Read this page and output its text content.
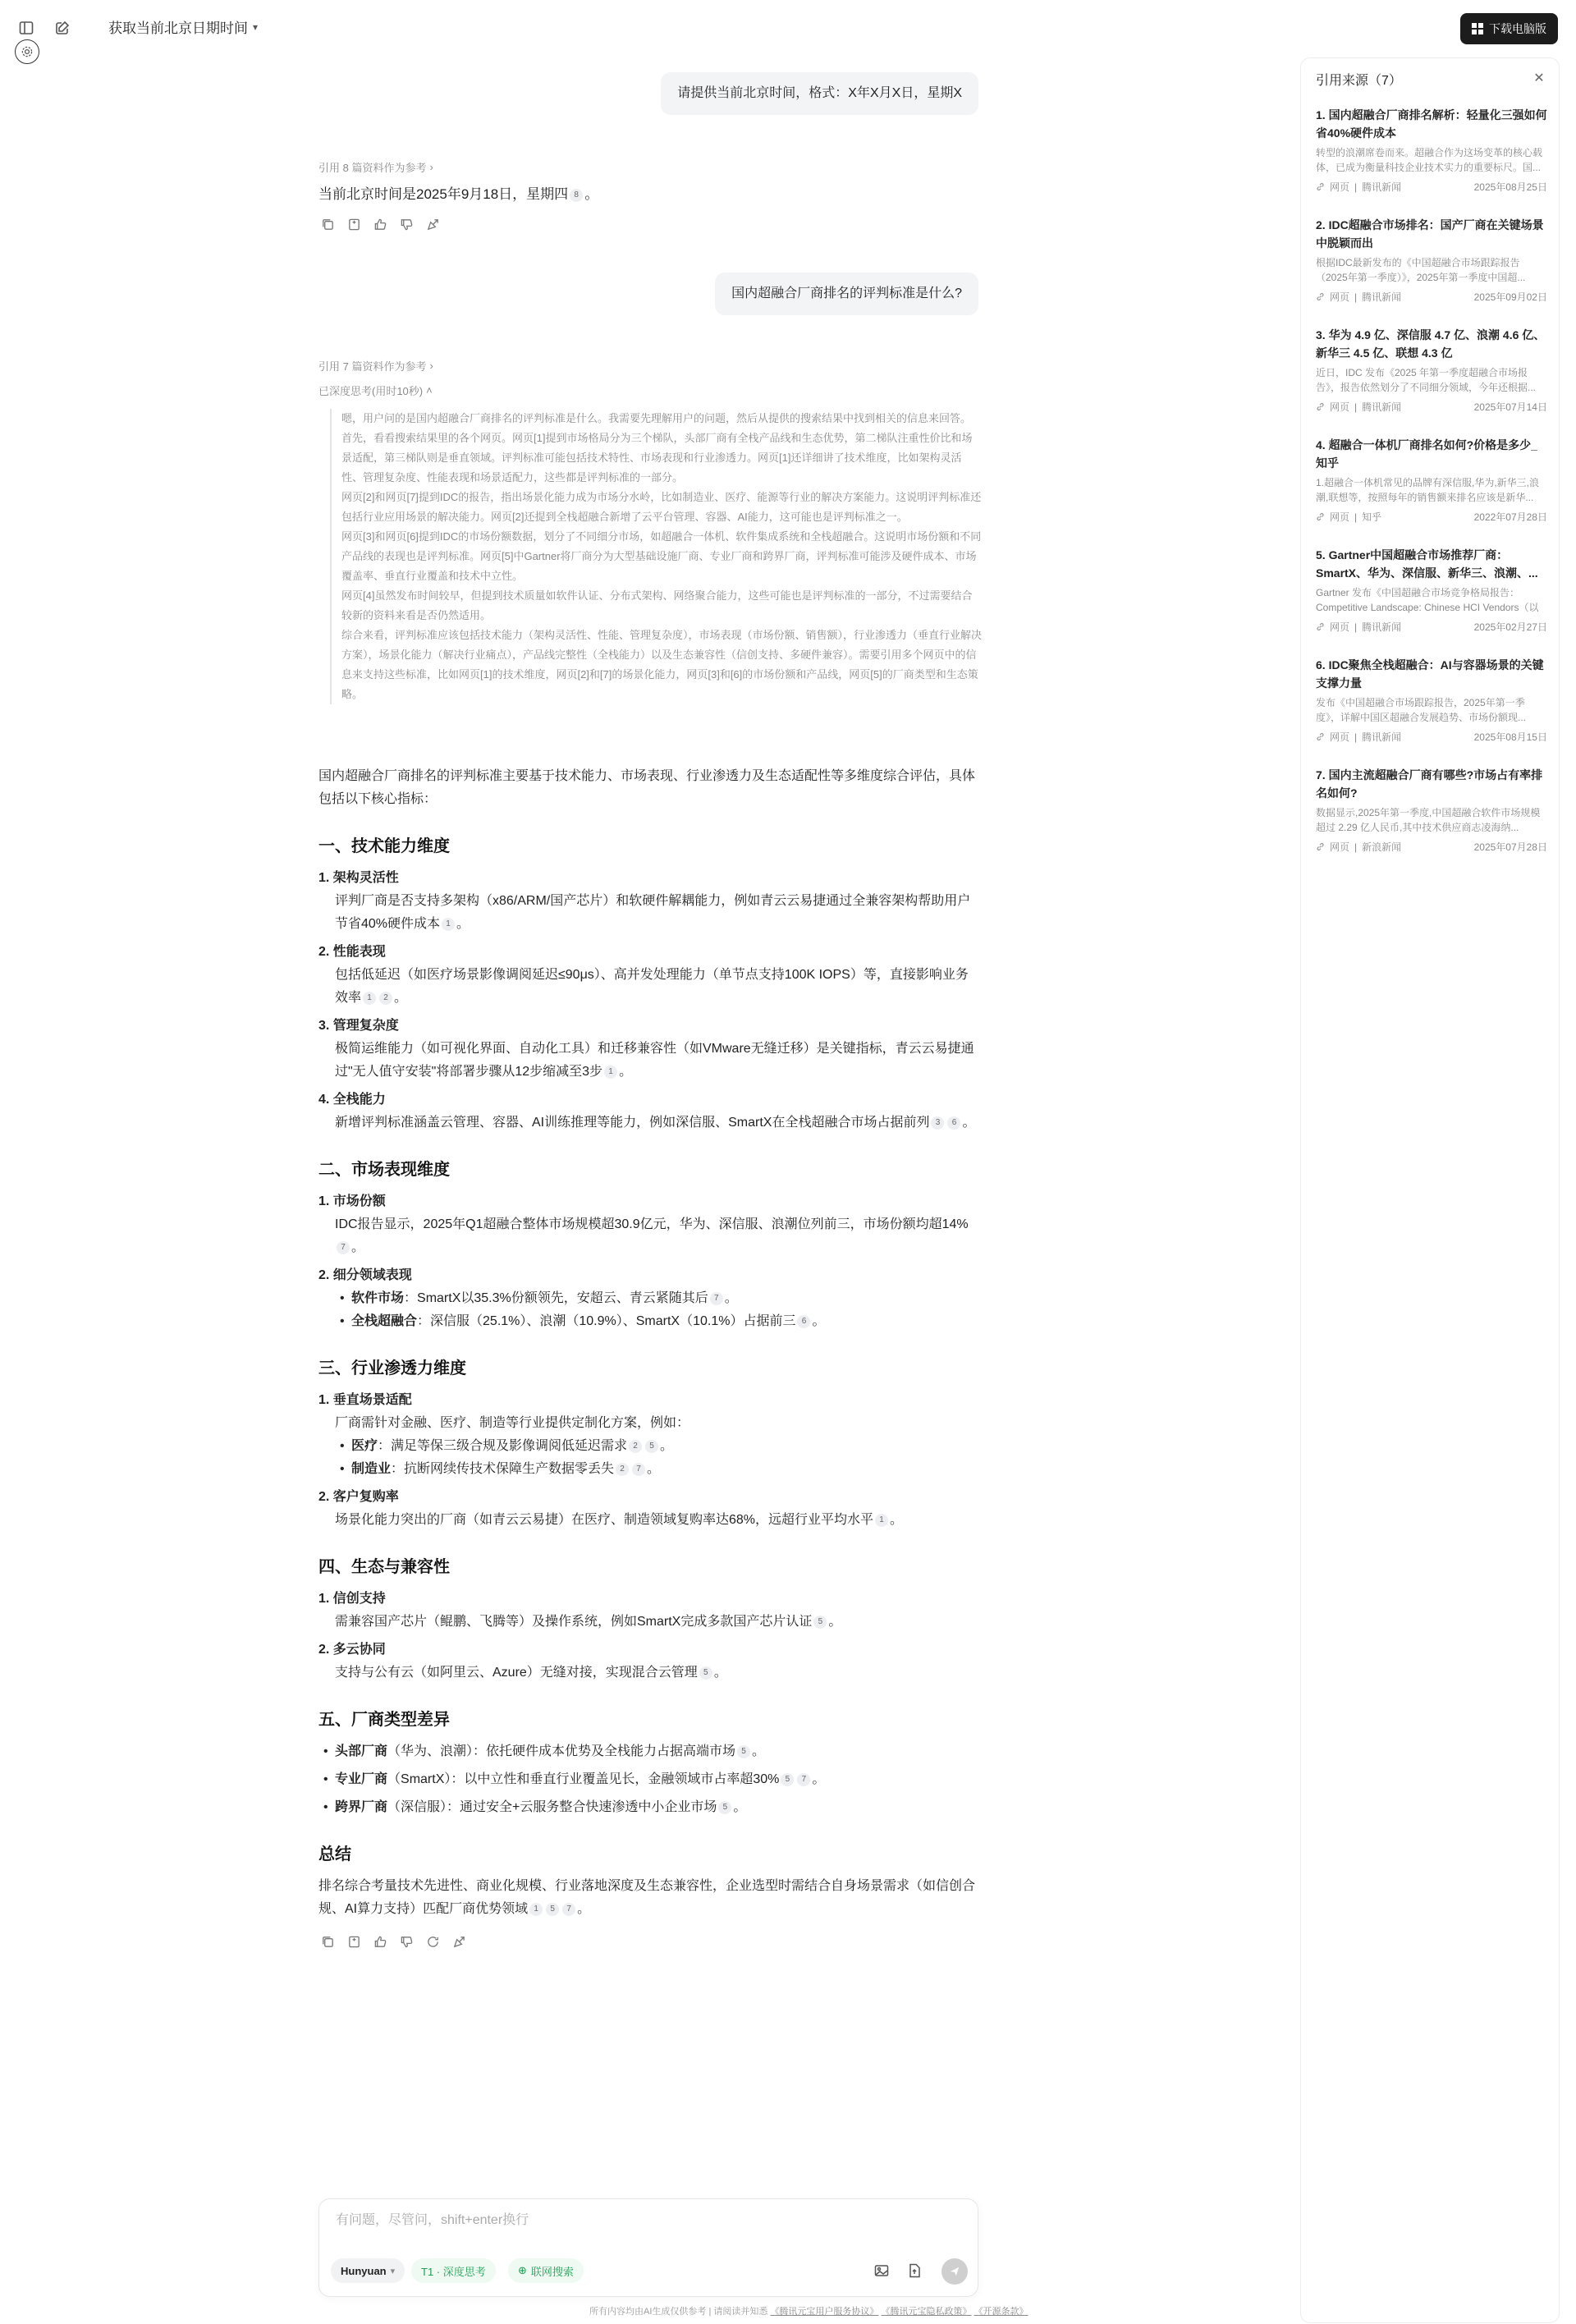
获取当前北京日期时间 ▾	下载电脑版
请提供当前北京时间，格式：X年X月X日，星期X
引用 8 篇资料作为参考 ›
当前北京时间是2025年9月18日，星期四 8 。
国内超融合厂商排名的评判标准是什么?
引用 7 篇资料作为参考 ›
已深度思考(用时10秒) ˄

嗯，用户问的是国内超融合厂商排名的评判标准是什么。我需要先理解用户的问题，然后从提供的搜索结果中找到相关的信息来回答。

首先，看看搜索结果里的各个网页。网页[1]提到市场格局分为三个梯队，头部厂商有全栈产品线和生态优势，第二梯队注重性价比和场景适配，第三梯队则是垂直领域。评判标准可能包括技术特性、市场表现和行业渗透力。网页[1]还详细讲了技术维度，比如架构灵活性、管理复杂度、性能表现和场景适配力，这些都是评判标准的一部分。

网页[2]和网页[7]提到IDC的报告，指出场景化能力成为市场分水岭，比如制造业、医疗、能源等行业的解决方案能力。这说明评判标准还包括行业应用场景的解决能力。网页[2]还提到全栈超融合新增了云平台管理、容器、AI能力，这可能也是评判标准之一。

网页[3]和网页[6]提到IDC的市场份额数据，划分了不同细分市场，如超融合一体机、软件集成系统和全栈超融合。这说明市场份额和不同产品线的表现也是评判标准。网页[5]中Gartner将厂商分为大型基础设施厂商、专业厂商和跨界厂商，评判标准可能涉及硬件成本、市场覆盖率、垂直行业覆盖和技术中立性。

网页[4]虽然发布时间较早，但提到技术质量如软件认证、分布式架构、网络聚合能力，这些可能也是评判标准的一部分，不过需要结合较新的资料来看是否仍然适用。

综合来看，评判标准应该包括技术能力（架构灵活性、性能、管理复杂度），市场表现（市场份额、销售额），行业渗透力（垂直行业解决方案），场景化能力（解决行业痛点），产品线完整性（全栈能力）以及生态兼容性（信创支持、多硬件兼容）。需要引用多个网页中的信息来支持这些标准，比如网页[1]的技术维度，网页[2]和[7]的场景化能力，网页[3]和[6]的市场份额和产品线，网页[5]的厂商类型和生态策略。

国内超融合厂商排名的评判标准主要基于技术能力、市场表现、行业渗透力及生态适配性等多维度综合评估，具体包括以下核心指标：

一、技术能力维度
1. 架构灵活性
评判厂商是否支持多架构（x86/ARM/国产芯片）和软硬件解耦能力，例如青云云易捷通过全兼容架构帮助用户节省40%硬件成本 1 。
2. 性能表现
包括低延迟（如医疗场景影像调阅延迟≤90μs）、高并发处理能力（单节点支持100K IOPS）等，直接影响业务效率 1 2 。
3. 管理复杂度
极简运维能力（如可视化界面、自动化工具）和迁移兼容性（如VMware无缝迁移）是关键指标，青云云易捷通过"无人值守安装"将部署步骤从12步缩减至3步 1 。
4. 全栈能力
新增评判标准涵盖云管理、容器、AI训练推理等能力，例如深信服、SmartX在全栈超融合市场占据前列 3 6 。
二、市场表现维度
1. 市场份额
IDC报告显示，2025年Q1超融合整体市场规模超30.9亿元，华为、深信服、浪潮位列前三，市场份额均超14%7 。
2. 细分领域表现
• 软件市场：SmartX以35.3%份额领先，安超云、青云紧随其后 7 。
• 全栈超融合：深信服（25.1%）、浪潮（10.9%）、SmartX（10.1%）占据前三 6 。
三、行业渗透力维度
1. 垂直场景适配
厂商需针对金融、医疗、制造等行业提供定制化方案，例如：
• 医疗：满足等保三级合规及影像调阅低延迟需求 2 5 。
• 制造业：抗断网续传技术保障生产数据零丢失 2 7 。
2. 客户复购率
场景化能力突出的厂商（如青云云易捷）在医疗、制造领域复购率达68%，远超行业平均水平 1 。
四、生态与兼容性
1. 信创支持
需兼容国产芯片（鲲鹏、飞腾等）及操作系统，例如SmartX完成多款国产芯片认证 5 。
2. 多云协同
支持与公有云（如阿里云、Azure）无缝对接，实现混合云管理 5 。
五、厂商类型差异
• 头部厂商（华为、浪潮）：依托硬件成本优势及全栈能力占据高端市场 5 。
• 专业厂商（SmartX）：以中立性和垂直行业覆盖见长，金融领域市占率超30% 5 7 。
• 跨界厂商（深信服）：通过安全+云服务整合快速渗透中小企业市场 5 。
总结

排名综合考量技术先进性、商业化规模、行业落地深度及生态兼容性，企业选型时需结合自身场景需求（如信创合规、AI算力支持）匹配厂商优势领域 1 5 7 。

引用来源（7）	✕
1. 国内超融合厂商排名解析：轻量化三强如何省40%硬件成本
转型的浪潮席卷而来。超融合作为这场变革的核心载体，已成为衡量科技企业技术实力的重要标尺。国...
网页 | 腾讯新闻	2025年08月25日
2. IDC超融合市场排名：国产厂商在关键场景中脱颖而出
根据IDC最新发布的《中国超融合市场跟踪报告（2025年第一季度）》，2025年第一季度中国超...
网页 | 腾讯新闻	2025年09月02日
3. 华为 4.9 亿、深信服 4.7 亿、浪潮 4.6 亿、新华三 4.5 亿、联想 4.3 亿
近日，IDC 发布《2025 年第一季度超融合市场报告》，报告依然划分了不同细分领域，今年还根据...
网页 | 腾讯新闻	2025年07月14日
4. 超融合一体机厂商排名如何?价格是多少_知乎
1.超融合一体机常见的品牌有深信服,华为,新华三,浪潮,联想等，按照每年的销售额来排名应该是新华...
网页 | 知乎	2022年07月28日
5. Gartner中国超融合市场推荐厂商：SmartX、华为、深信服、新华三、浪潮、...
Gartner 发布《中国超融合市场竞争格局报告：Competitive Landscape: Chinese HCI Vendors（以
网页 | 腾讯新闻	2025年02月27日
6. IDC聚焦全栈超融合：AI与容器场景的关键支撑力量
发布《中国超融合市场跟踪报告，2025年第一季度》，详解中国区超融合发展趋势、市场份额现...
网页 | 腾讯新闻	2025年08月15日
7. 国内主流超融合厂商有哪些?市场占有率排名如何?
数据显示,2025年第一季度,中国超融合软件市场规模超过 2.29 亿人民币,其中技术供应商志凌海纳...
网页 | 新浪新闻	2025年07月28日
有问题，尽管问，shift+enter换行
Hunyuan ▾ T1 · 深度思考	⊕ 联网搜索
所有内容均由AI生成仅供参考 | 请阅读并知悉 《腾讯元宝用户服务协议》 《腾讯元宝隐私政策》 《开源条款》
